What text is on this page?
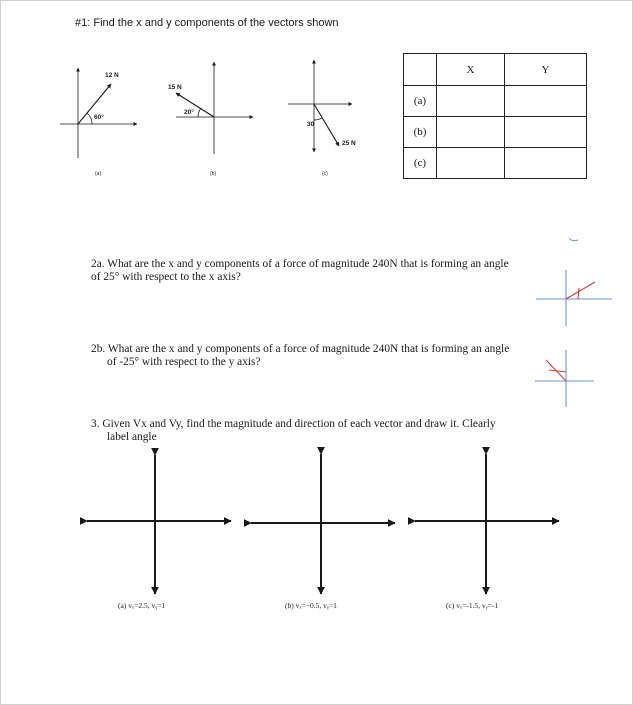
#1: Find the x and y components of the vectors shown
12 N
60°
(a)
15 N
20°
(b)
30
25 N
(c)
	X	Y
(a)		
(b)		
(c)		
2a. What are the x and y components of a force of magnitude 240N that is forming an angle
of 25° with respect to the x axis?
2b. What are the x and y components of a force of magnitude 240N that is forming an angle
of -25° with respect to the y axis?
3. Given Vx and Vy, find the magnitude and direction of each vector and draw it. Clearly
label angle
(a) vₓ=2.5, vᵧ=1	(b) vₓ=−0.5, vᵧ=1	(c) vₓ=-1.5, vᵧ=-1
